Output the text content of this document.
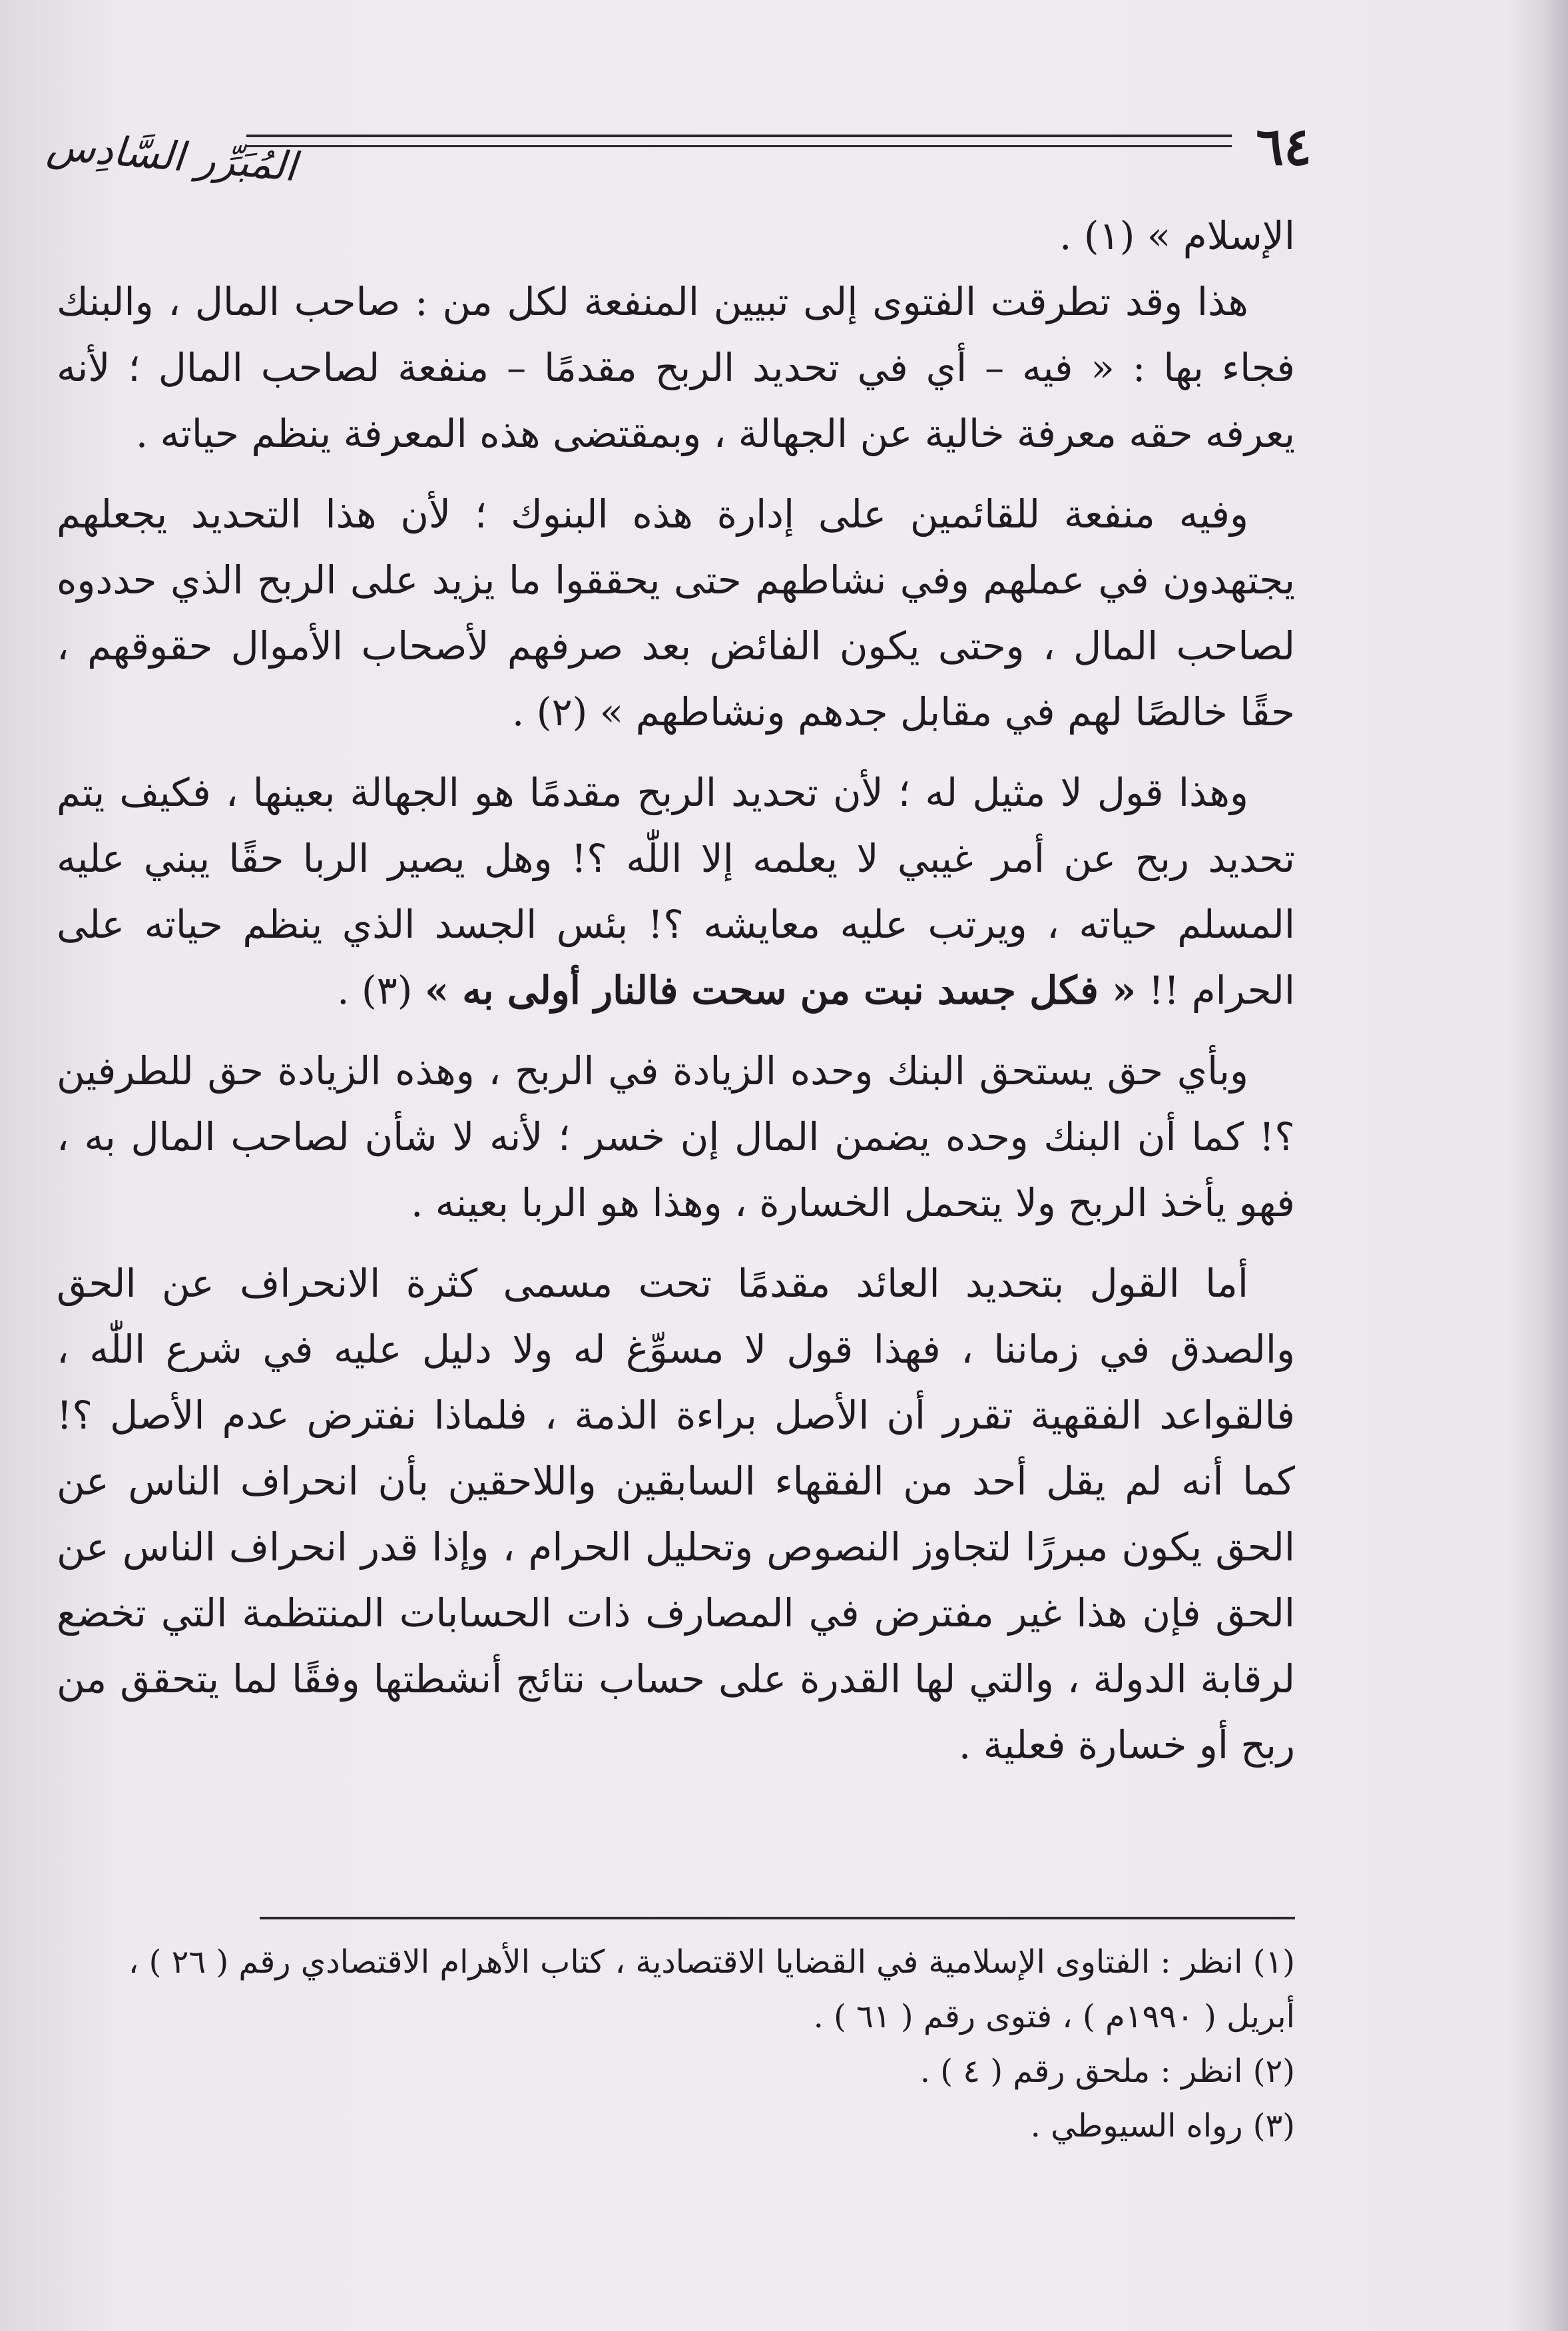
المُبَرِّر السَّادِس	٦٤

الإسلام » (١) .

هذا وقد تطرقت الفتوى إلى تبيين المنفعة لكل من : صاحب المال ، والبنك فجاء بها : « فيه – أي في تحديد الربح مقدمًا – منفعة لصاحب المال ؛ لأنه يعرفه حقه معرفة خالية عن الجهالة ، وبمقتضى هذه المعرفة ينظم حياته .

وفيه منفعة للقائمين على إدارة هذه البنوك ؛ لأن هذا التحديد يجعلهم يجتهدون في عملهم وفي نشاطهم حتى يحققوا ما يزيد على الربح الذي حددوه لصاحب المال ، وحتى يكون الفائض بعد صرفهم لأصحاب الأموال حقوقهم ، حقًا خالصًا لهم في مقابل جدهم ونشاطهم » (٢) .

وهذا قول لا مثيل له ؛ لأن تحديد الربح مقدمًا هو الجهالة بعينها ، فكيف يتم تحديد ربح عن أمر غيبي لا يعلمه إلا اللّٰه ؟! وهل يصير الربا حقًا يبني عليه المسلم حياته ، ويرتب عليه معايشه ؟! بئس الجسد الذي ينظم حياته على الحرام !! « فكل جسد نبت من سحت فالنار أولى به » (٣) .

وبأي حق يستحق البنك وحده الزيادة في الربح ، وهذه الزيادة حق للطرفين ؟! كما أن البنك وحده يضمن المال إن خسر ؛ لأنه لا شأن لصاحب المال به ، فهو يأخذ الربح ولا يتحمل الخسارة ، وهذا هو الربا بعينه .

أما القول بتحديد العائد مقدمًا تحت مسمى كثرة الانحراف عن الحق والصدق في زماننا ، فهذا قول لا مسوِّغ له ولا دليل عليه في شرع اللّٰه ، فالقواعد الفقهية تقرر أن الأصل براءة الذمة ، فلماذا نفترض عدم الأصل ؟! كما أنه لم يقل أحد من الفقهاء السابقين واللاحقين بأن انحراف الناس عن الحق يكون مبررًا لتجاوز النصوص وتحليل الحرام ، وإذا قدر انحراف الناس عن الحق فإن هذا غير مفترض في المصارف ذات الحسابات المنتظمة التي تخضع لرقابة الدولة ، والتي لها القدرة على حساب نتائج أنشطتها وفقًا لما يتحقق من ربح أو خسارة فعلية .

(١) انظر : الفتاوى الإسلامية في القضايا الاقتصادية ، كتاب الأهرام الاقتصادي رقم ( ٢٦ ) ، أبريل ( ١٩٩٠م ) ، فتوى رقم ( ٦١ ) .

(٢) انظر : ملحق رقم ( ٤ ) .

(٣) رواه السيوطي .
